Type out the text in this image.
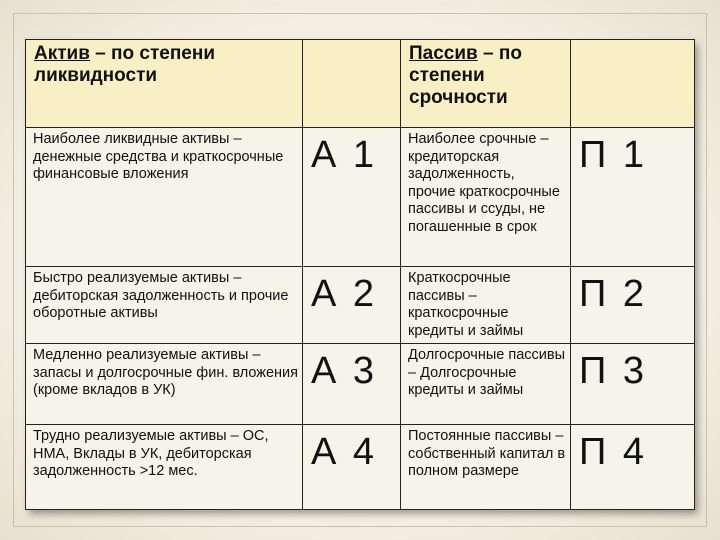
Актив – по степени ликвидности		Пассив – по степени срочности	

Наиболее ликвидные активы – денежные средства и краткосрочные финансовые вложения	А 1	Наиболее срочные – кредиторская задолженность, прочие краткосрочные пассивы и ссуды, не погашенные в срок	П 1

Быстро реализуемые активы – дебиторская задолженность и прочие оборотные активы	А 2	Краткосрочные пассивы – краткосрочные кредиты и займы	П 2

Медленно реализуемые активы – запасы и долгосрочные фин. вложения (кроме вкладов в УК)	А 3	Долгосрочные пассивы – Долгосрочные кредиты и займы	П 3

Трудно реализуемые активы – ОС, НМА, Вклады в УК, дебиторская задолженность >12 мес.	А 4	Постоянные пассивы – собственный капитал в полном размере	П 4
